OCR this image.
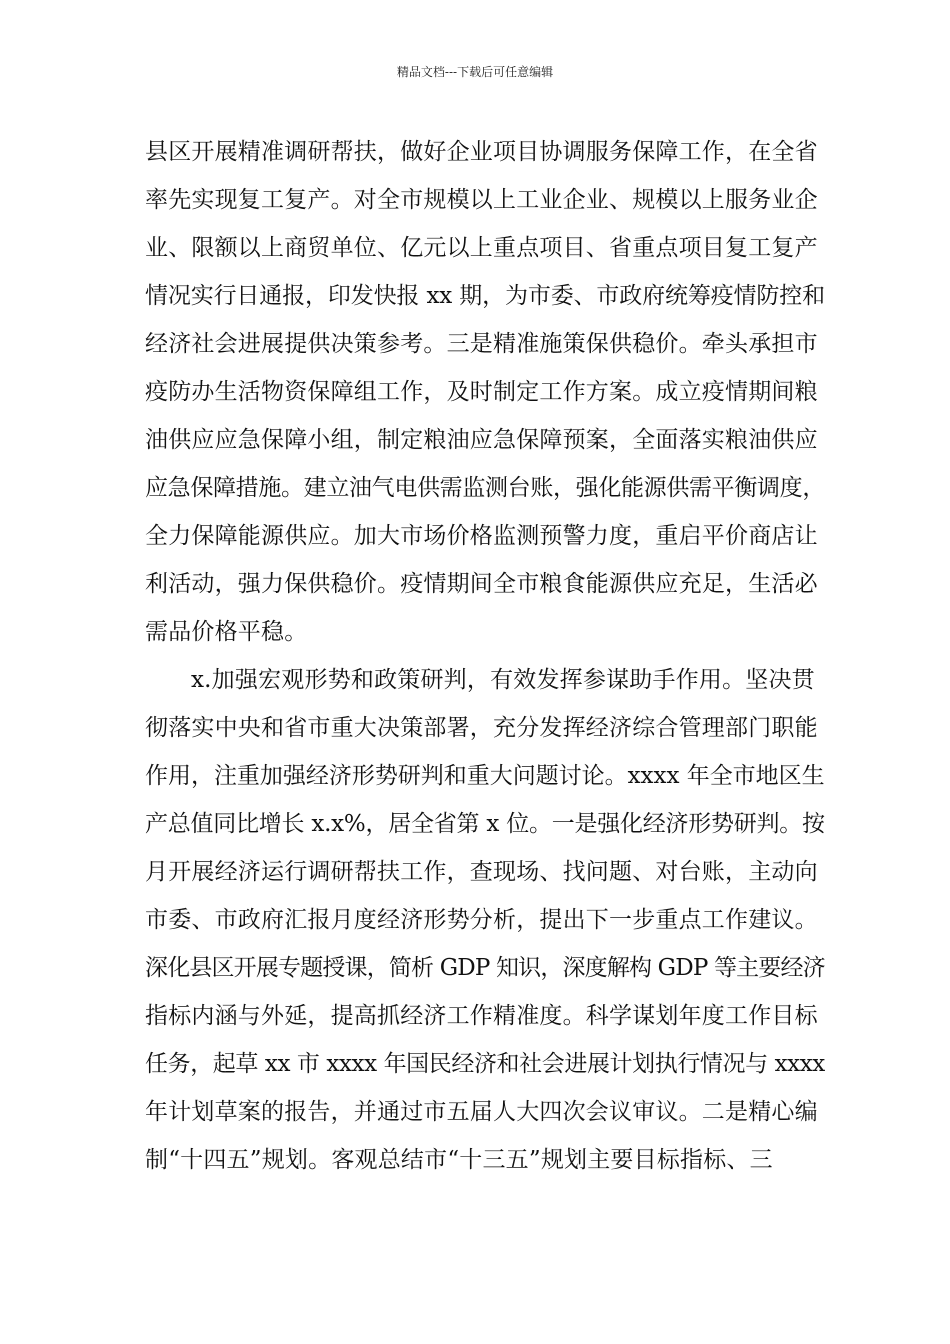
精品文档---下载后可任意编辑
县区开展精准调研帮扶，做好企业项目协调服务保障工作，在全省
率先实现复工复产。对全市规模以上工业企业、规模以上服务业企
业、限额以上商贸单位、亿元以上重点项目、省重点项目复工复产
情况实行日通报，印发快报 xx 期，为市委、市政府统筹疫情防控和
经济社会进展提供决策参考。三是精准施策保供稳价。牵头承担市
疫防办生活物资保障组工作，及时制定工作方案。成立疫情期间粮
油供应应急保障小组，制定粮油应急保障预案，全面落实粮油供应
应急保障措施。建立油气电供需监测台账，强化能源供需平衡调度，
全力保障能源供应。加大市场价格监测预警力度，重启平价商店让
利活动，强力保供稳价。疫情期间全市粮食能源供应充足，生活必
需品价格平稳。
x.加强宏观形势和政策研判，有效发挥参谋助手作用。坚决贯
彻落实中央和省市重大决策部署，充分发挥经济综合管理部门职能
作用，注重加强经济形势研判和重大问题讨论。xxxx 年全市地区生
产总值同比增长 x.x%，居全省第 x 位。一是强化经济形势研判。按
月开展经济运行调研帮扶工作，查现场、找问题、对台账，主动向
市委、市政府汇报月度经济形势分析，提出下一步重点工作建议。
深化县区开展专题授课，简析 GDP 知识，深度解构 GDP 等主要经济
指标内涵与外延，提高抓经济工作精准度。科学谋划年度工作目标
任务，起草 xx 市 xxxx 年国民经济和社会进展计划执行情况与 xxxx
年计划草案的报告，并通过市五届人大四次会议审议。二是精心编
制“十四五”规划。客观总结市“十三五”规划主要目标指标、三
